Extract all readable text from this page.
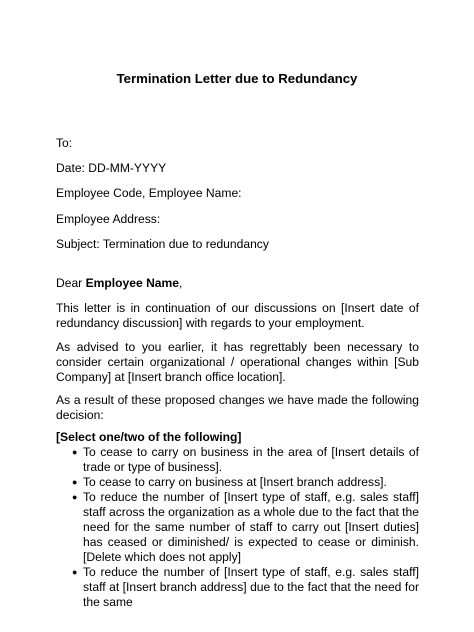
Termination Letter due to Redundancy
To:
Date: DD-MM-YYYY
Employee Code, Employee Name:
Employee Address:
Subject: Termination due to redundancy
Dear Employee Name,
This letter is in continuation of our discussions on [Insert date of redundancy discussion] with regards to your employment.
As advised to you earlier, it has regrettably been necessary to consider certain organizational / operational changes within [Sub Company] at [Insert branch office location].
As a result of these proposed changes we have made the following decision:
[Select one/two of the following]
● To cease to carry on business in the area of [Insert details of trade or type of business].
● To cease to carry on business at [Insert branch address].
● To reduce the number of [Insert type of staff, e.g. sales staff] staff across the organization as a whole due to the fact that the need for the same number of staff to carry out [Insert duties] has ceased or diminished/ is expected to cease or diminish. [Delete which does not apply]
● To reduce the number of [Insert type of staff, e.g. sales staff] staff at [Insert branch address] due to the fact that the need for the same
